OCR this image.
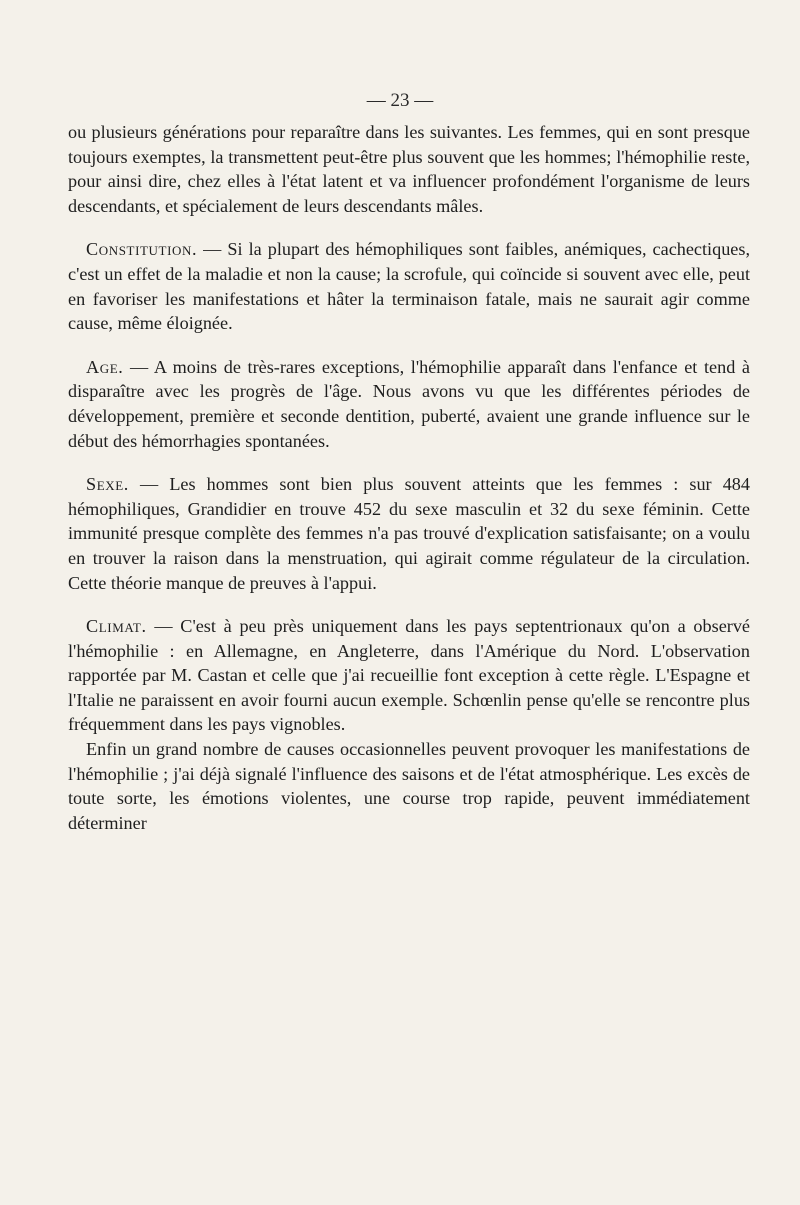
— 23 —

ou plusieurs générations pour reparaître dans les suivantes. Les femmes, qui en sont presque toujours exemptes, la transmettent peut-être plus souvent que les hommes; l'hémophilie reste, pour ainsi dire, chez elles à l'état latent et va influencer profondément l'organisme de leurs descendants, et spécialement de leurs descendants mâles.

Constitution. — Si la plupart des hémophiliques sont faibles, anémiques, cachectiques, c'est un effet de la maladie et non la cause; la scrofule, qui coïncide si souvent avec elle, peut en favoriser les manifestations et hâter la terminaison fatale, mais ne saurait agir comme cause, même éloignée.

Age. — A moins de très-rares exceptions, l'hémophilie apparaît dans l'enfance et tend à disparaître avec les progrès de l'âge. Nous avons vu que les différentes périodes de développement, première et seconde dentition, puberté, avaient une grande influence sur le début des hémorrhagies spontanées.

Sexe. — Les hommes sont bien plus souvent atteints que les femmes : sur 484 hémophiliques, Grandidier en trouve 452 du sexe masculin et 32 du sexe féminin. Cette immunité presque complète des femmes n'a pas trouvé d'explication satisfaisante; on a voulu en trouver la raison dans la menstruation, qui agirait comme régulateur de la circulation. Cette théorie manque de preuves à l'appui.

Climat. — C'est à peu près uniquement dans les pays septentrionaux qu'on a observé l'hémophilie : en Allemagne, en Angleterre, dans l'Amérique du Nord. L'observation rapportée par M. Castan et celle que j'ai recueillie font exception à cette règle. L'Espagne et l'Italie ne paraissent en avoir fourni aucun exemple. Schœnlin pense qu'elle se rencontre plus fréquemment dans les pays vignobles.

Enfin un grand nombre de causes occasionnelles peuvent provoquer les manifestations de l'hémophilie ; j'ai déjà signalé l'influence des saisons et de l'état atmosphérique. Les excès de toute sorte, les émotions violentes, une course trop rapide, peuvent immédiatement déterminer
